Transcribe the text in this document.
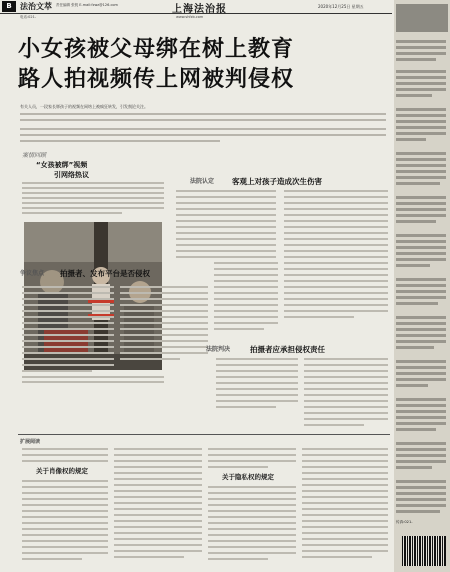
B	法治文萃 责任编辑 张锐 E-mail:fzwz@126.com	上海法治报	2020年12月25日 星期五
电话:021-	www.shfzb.com
小女孩被父母绑在树上教育
路人拍视频传上网被判侵权
有关人员，一段家长绑孩子的视频在网络上被疯狂转发，引发舆论关注。
案情回顾
“女孩被绑”视频
引网络热议
争议焦点 拍摄者、发布平台是否侵权
法院认定 客观上对孩子造成次生伤害
法院判决	拍摄者应承担侵权责任
扩展阅读
关于肖像权的规定
关于隐私权的规定
传真:021-
